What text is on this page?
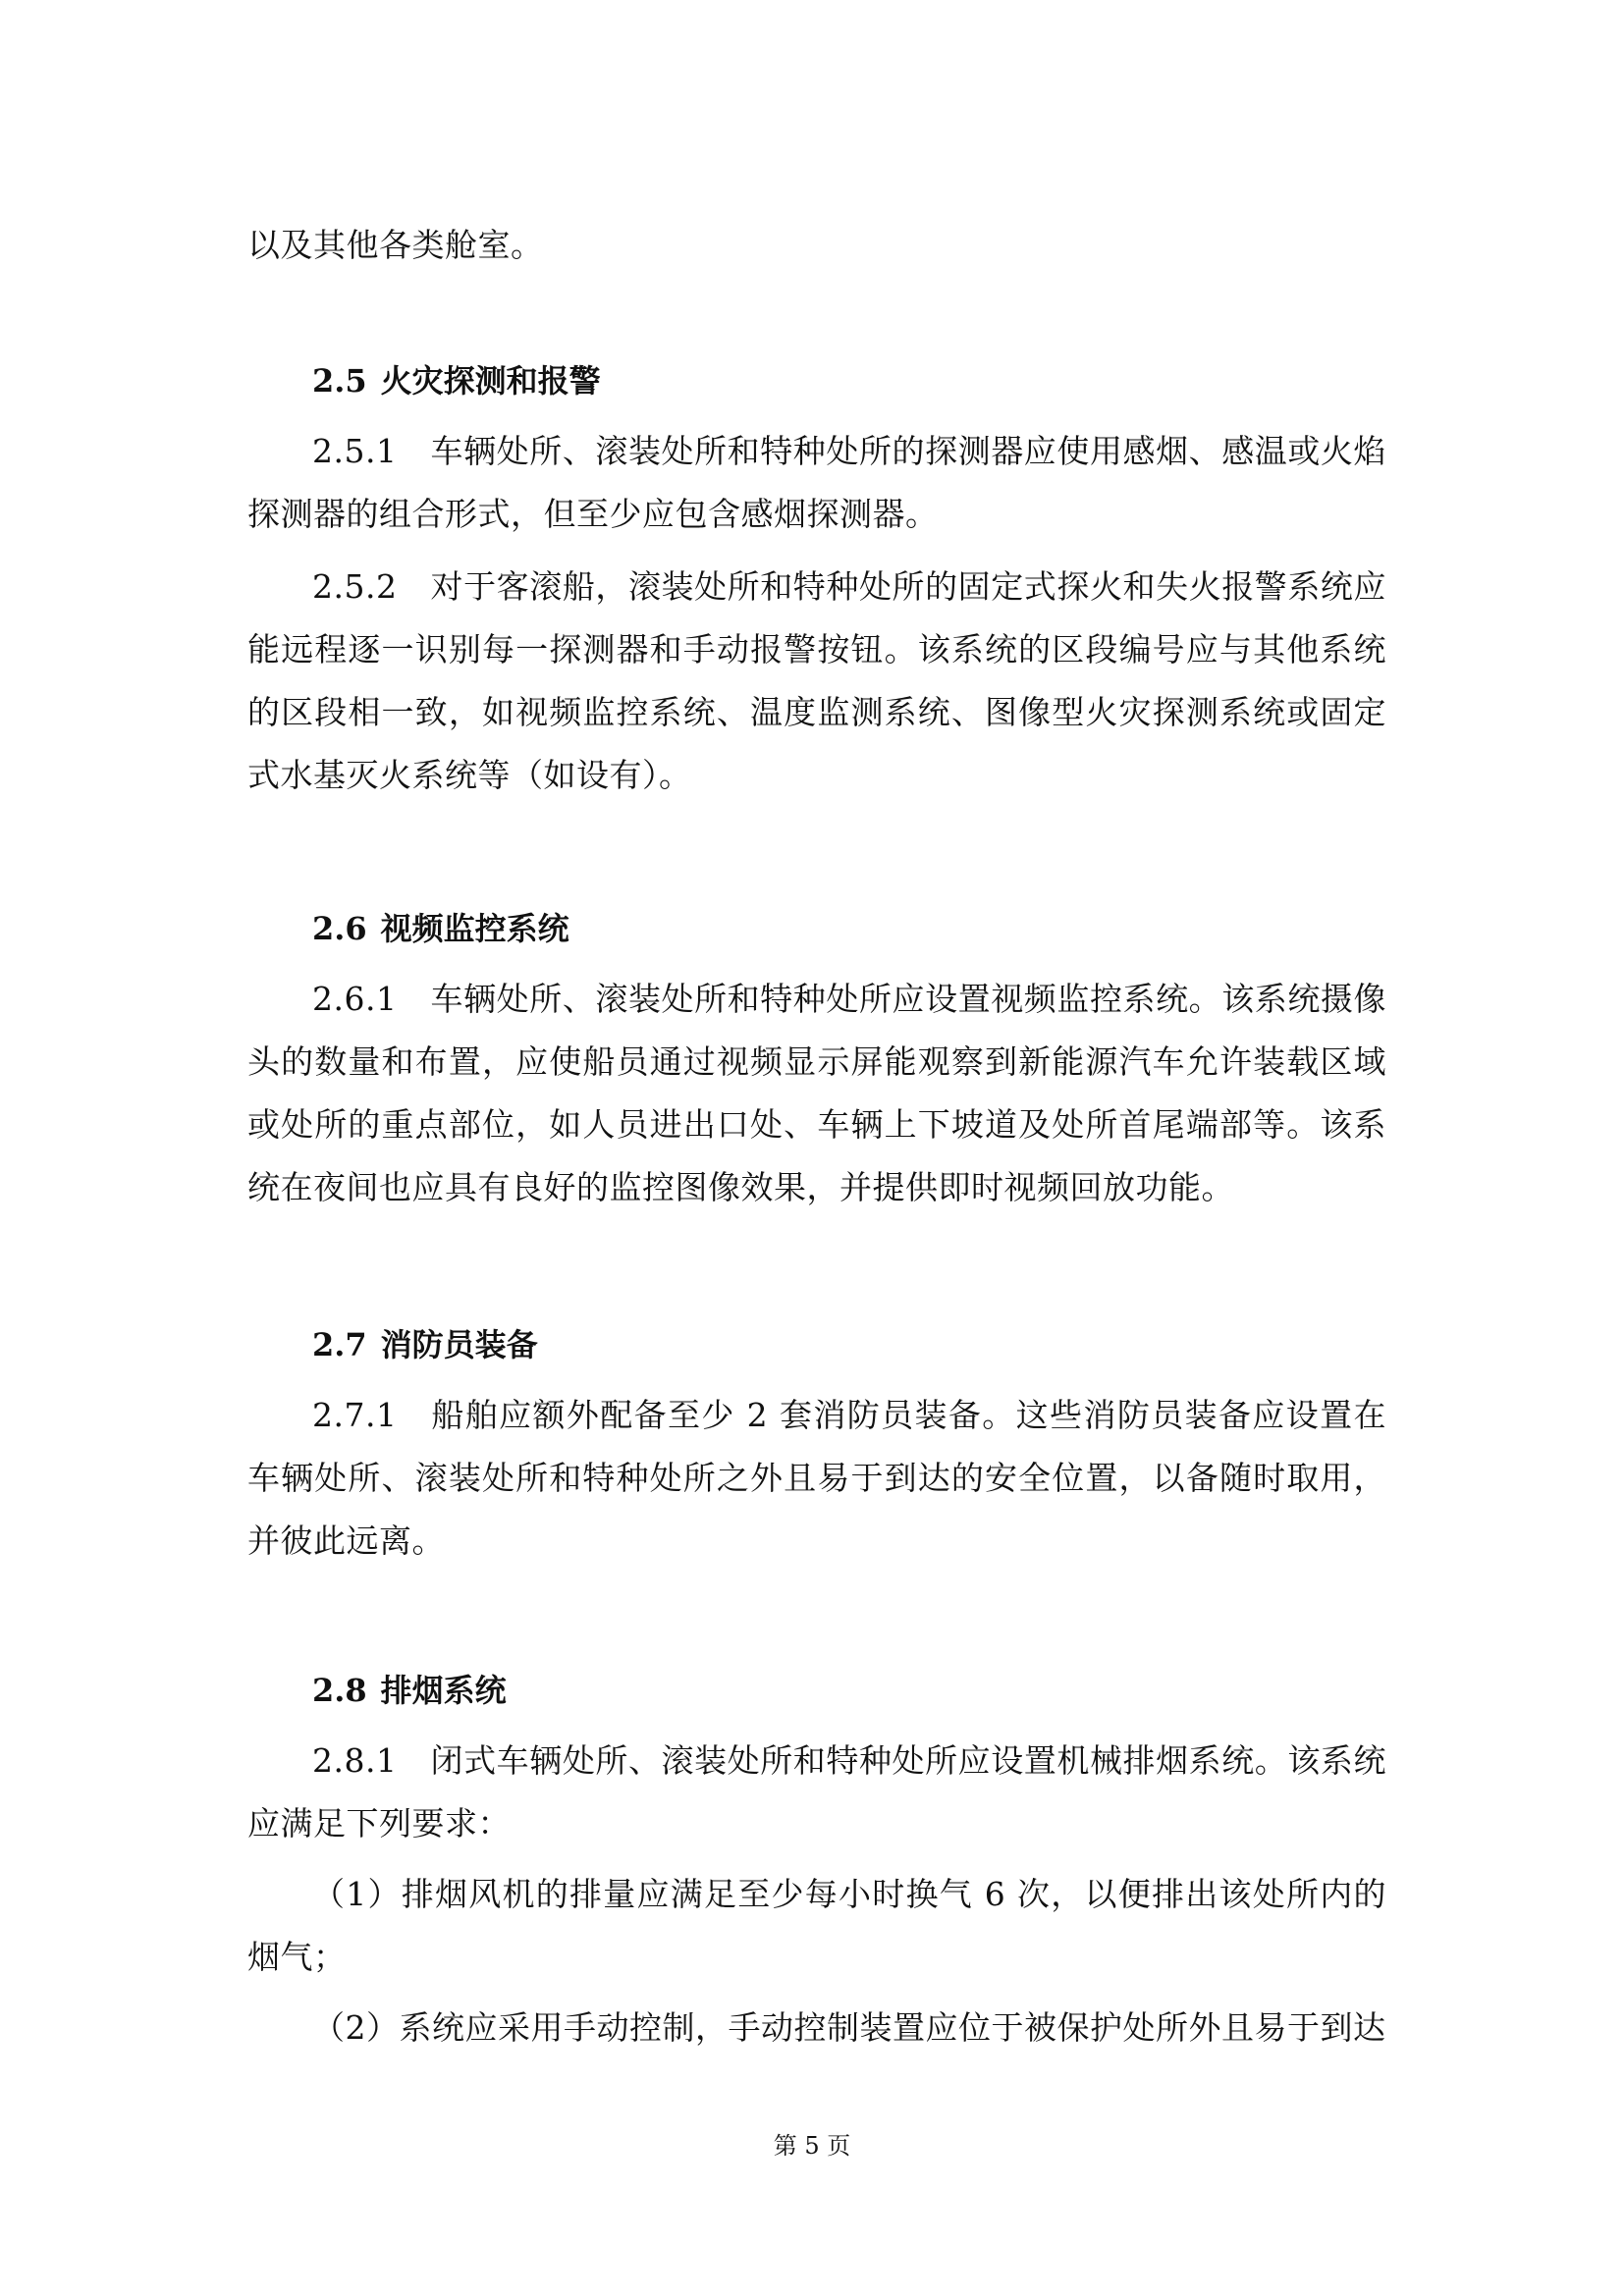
以及其他各类舱室。

2.5 火灾探测和报警

2.5.1 车辆处所、滚装处所和特种处所的探测器应使用感烟、感温或火焰探测器的组合形式，但至少应包含感烟探测器。

2.5.2 对于客滚船，滚装处所和特种处所的固定式探火和失火报警系统应能远程逐一识别每一探测器和手动报警按钮。该系统的区段编号应与其他系统的区段相一致，如视频监控系统、温度监测系统、图像型火灾探测系统或固定式水基灭火系统等（如设有）。

2.6 视频监控系统

2.6.1 车辆处所、滚装处所和特种处所应设置视频监控系统。该系统摄像头的数量和布置，应使船员通过视频显示屏能观察到新能源汽车允许装载区域或处所的重点部位，如人员进出口处、车辆上下坡道及处所首尾端部等。该系统在夜间也应具有良好的监控图像效果，并提供即时视频回放功能。

2.7 消防员装备

2.7.1 船舶应额外配备至少 2 套消防员装备。这些消防员装备应设置在车辆处所、滚装处所和特种处所之外且易于到达的安全位置，以备随时取用，并彼此远离。

2.8 排烟系统

2.8.1 闭式车辆处所、滚装处所和特种处所应设置机械排烟系统。该系统应满足下列要求：

（1）排烟风机的排量应满足至少每小时换气 6 次，以便排出该处所内的烟气；

（2）系统应采用手动控制，手动控制装置应位于被保护处所外且易于到达

第 5 页
